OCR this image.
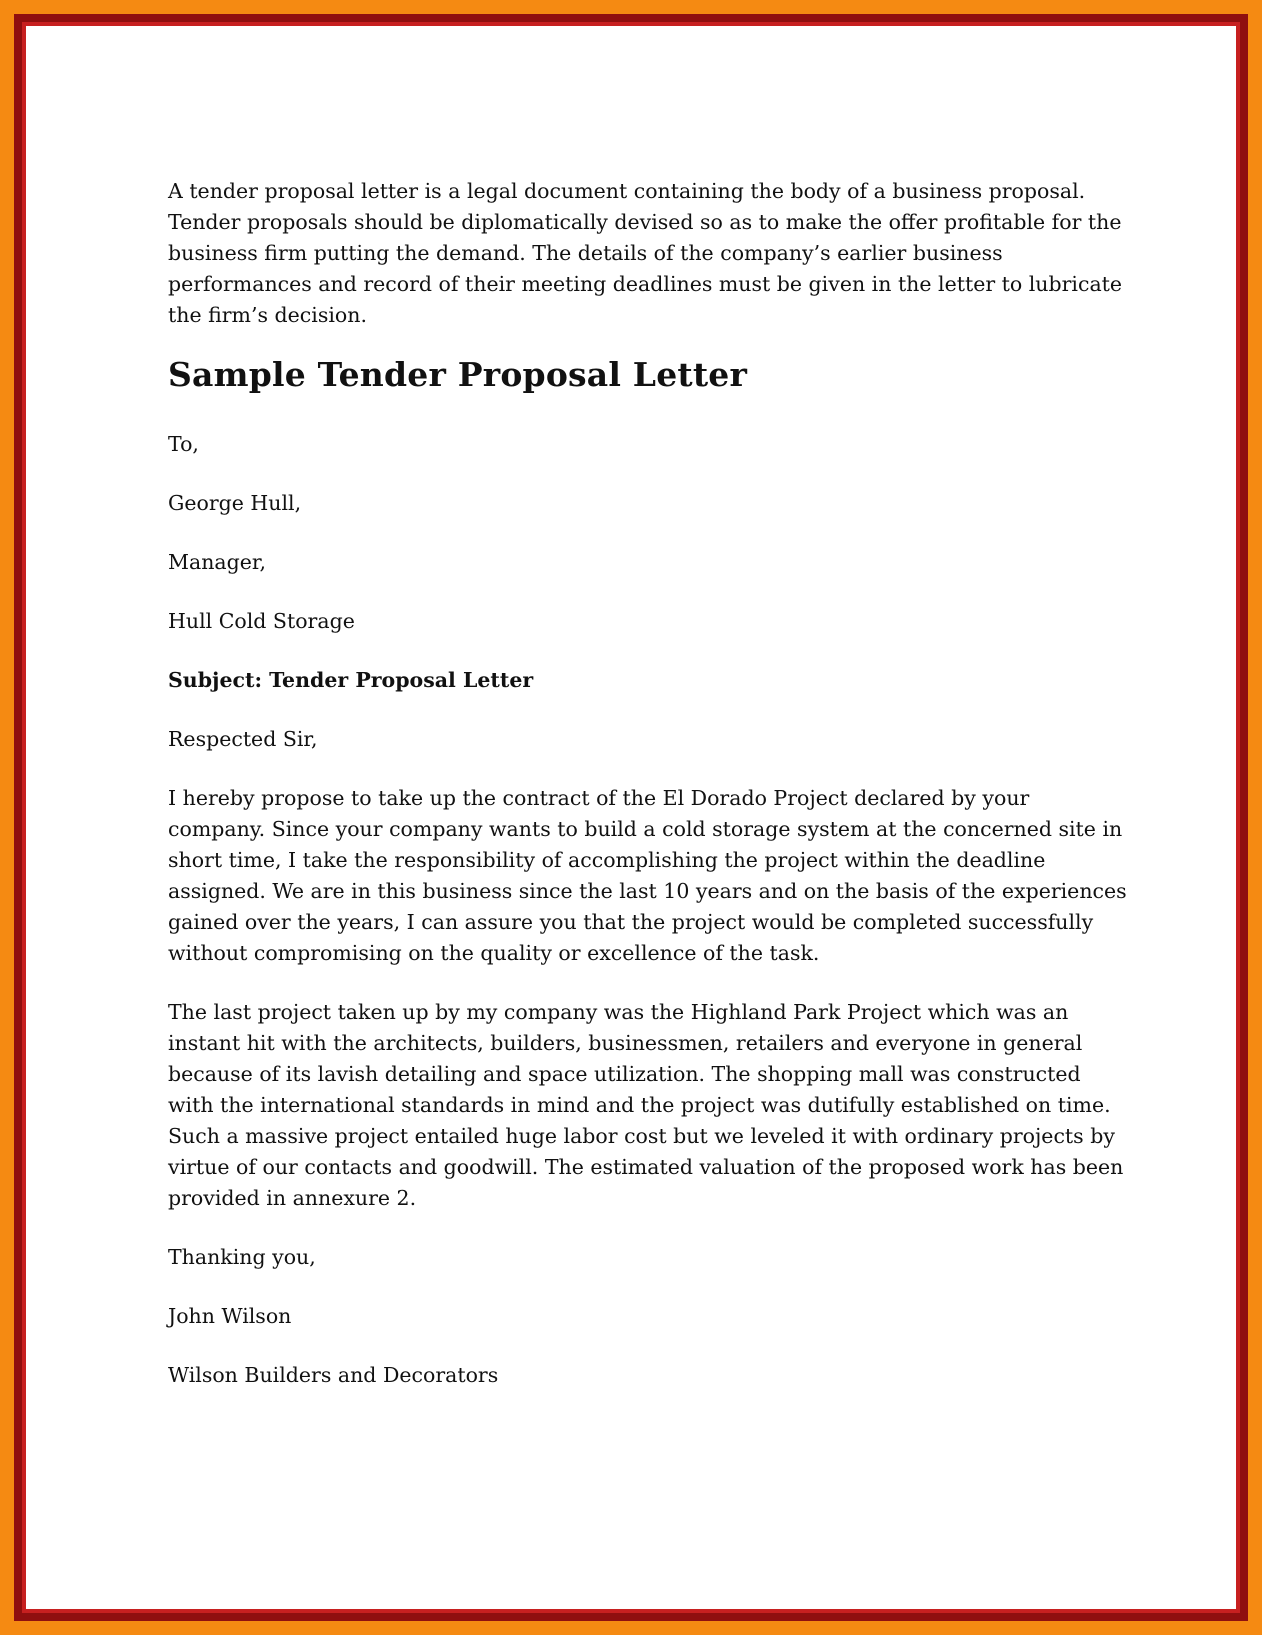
A tender proposal letter is a legal document containing the body of a business proposal. Tender proposals should be diplomatically devised so as to make the offer profitable for the business firm putting the demand. The details of the company’s earlier business performances and record of their meeting deadlines must be given in the letter to lubricate the firm’s decision.

Sample Tender Proposal Letter

To,

George Hull,

Manager,

Hull Cold Storage

Subject: Tender Proposal Letter

Respected Sir,

I hereby propose to take up the contract of the El Dorado Project declared by your company. Since your company wants to build a cold storage system at the concerned site in short time, I take the responsibility of accomplishing the project within the deadline assigned. We are in this business since the last 10 years and on the basis of the experiences gained over the years, I can assure you that the project would be completed successfully without compromising on the quality or excellence of the task.

The last project taken up by my company was the Highland Park Project which was an instant hit with the architects, builders, businessmen, retailers and everyone in general because of its lavish detailing and space utilization. The shopping mall was constructed with the international standards in mind and the project was dutifully established on time. Such a massive project entailed huge labor cost but we leveled it with ordinary projects by virtue of our contacts and goodwill. The estimated valuation of the proposed work has been provided in annexure 2.

Thanking you,

John Wilson

Wilson Builders and Decorators
